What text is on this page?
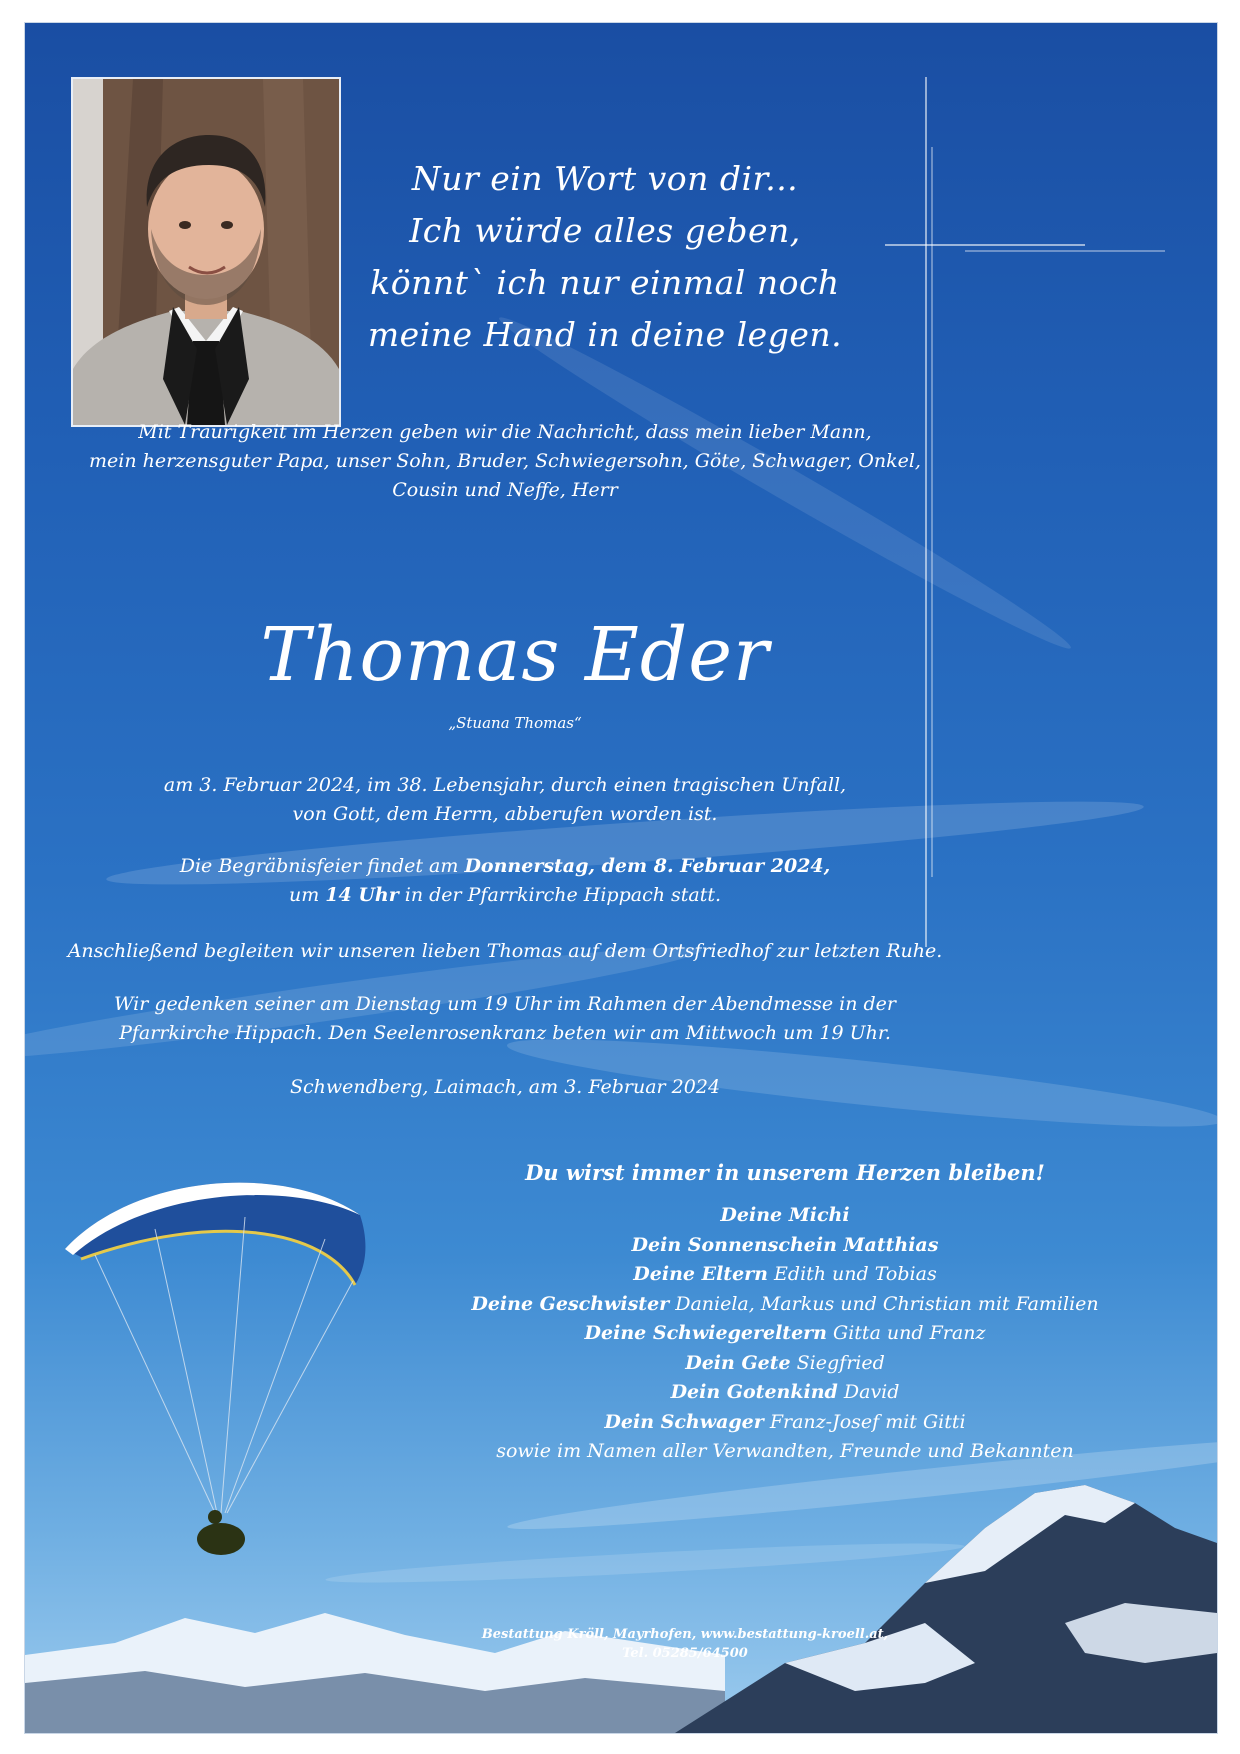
Nur ein Wort von dir...
Ich würde alles geben,
könnt` ich nur einmal noch
meine Hand in deine legen.
Mit Traurigkeit im Herzen geben wir die Nachricht, dass mein lieber Mann,
mein herzensguter Papa, unser Sohn, Bruder, Schwiegersohn, Göte, Schwager, Onkel,
Cousin und Neffe, Herr
Thomas Eder
„Stuana Thomas“
am 3. Februar 2024, im 38. Lebensjahr, durch einen tragischen Unfall,
von Gott, dem Herrn, abberufen worden ist.
Die Begräbnisfeier findet am Donnerstag, dem 8. Februar 2024,
um 14 Uhr in der Pfarrkirche Hippach statt.
Anschließend begleiten wir unseren lieben Thomas auf dem Ortsfriedhof zur letzten Ruhe.
Wir gedenken seiner am Dienstag um 19 Uhr im Rahmen der Abendmesse in der
Pfarrkirche Hippach. Den Seelenrosenkranz beten wir am Mittwoch um 19 Uhr.
Schwendberg, Laimach, am 3. Februar 2024
Du wirst immer in unserem Herzen bleiben!
Deine Michi
Dein Sonnenschein Matthias
Deine Eltern Edith und Tobias
Deine Geschwister Daniela, Markus und Christian mit Familien
Deine Schwiegereltern Gitta und Franz
Dein Gete Siegfried
Dein Gotenkind David
Dein Schwager Franz-Josef mit Gitti
sowie im Namen aller Verwandten, Freunde und Bekannten
Bestattung Kröll, Mayrhofen, www.bestattung-kroell.at,
Tel. 05285/64500
